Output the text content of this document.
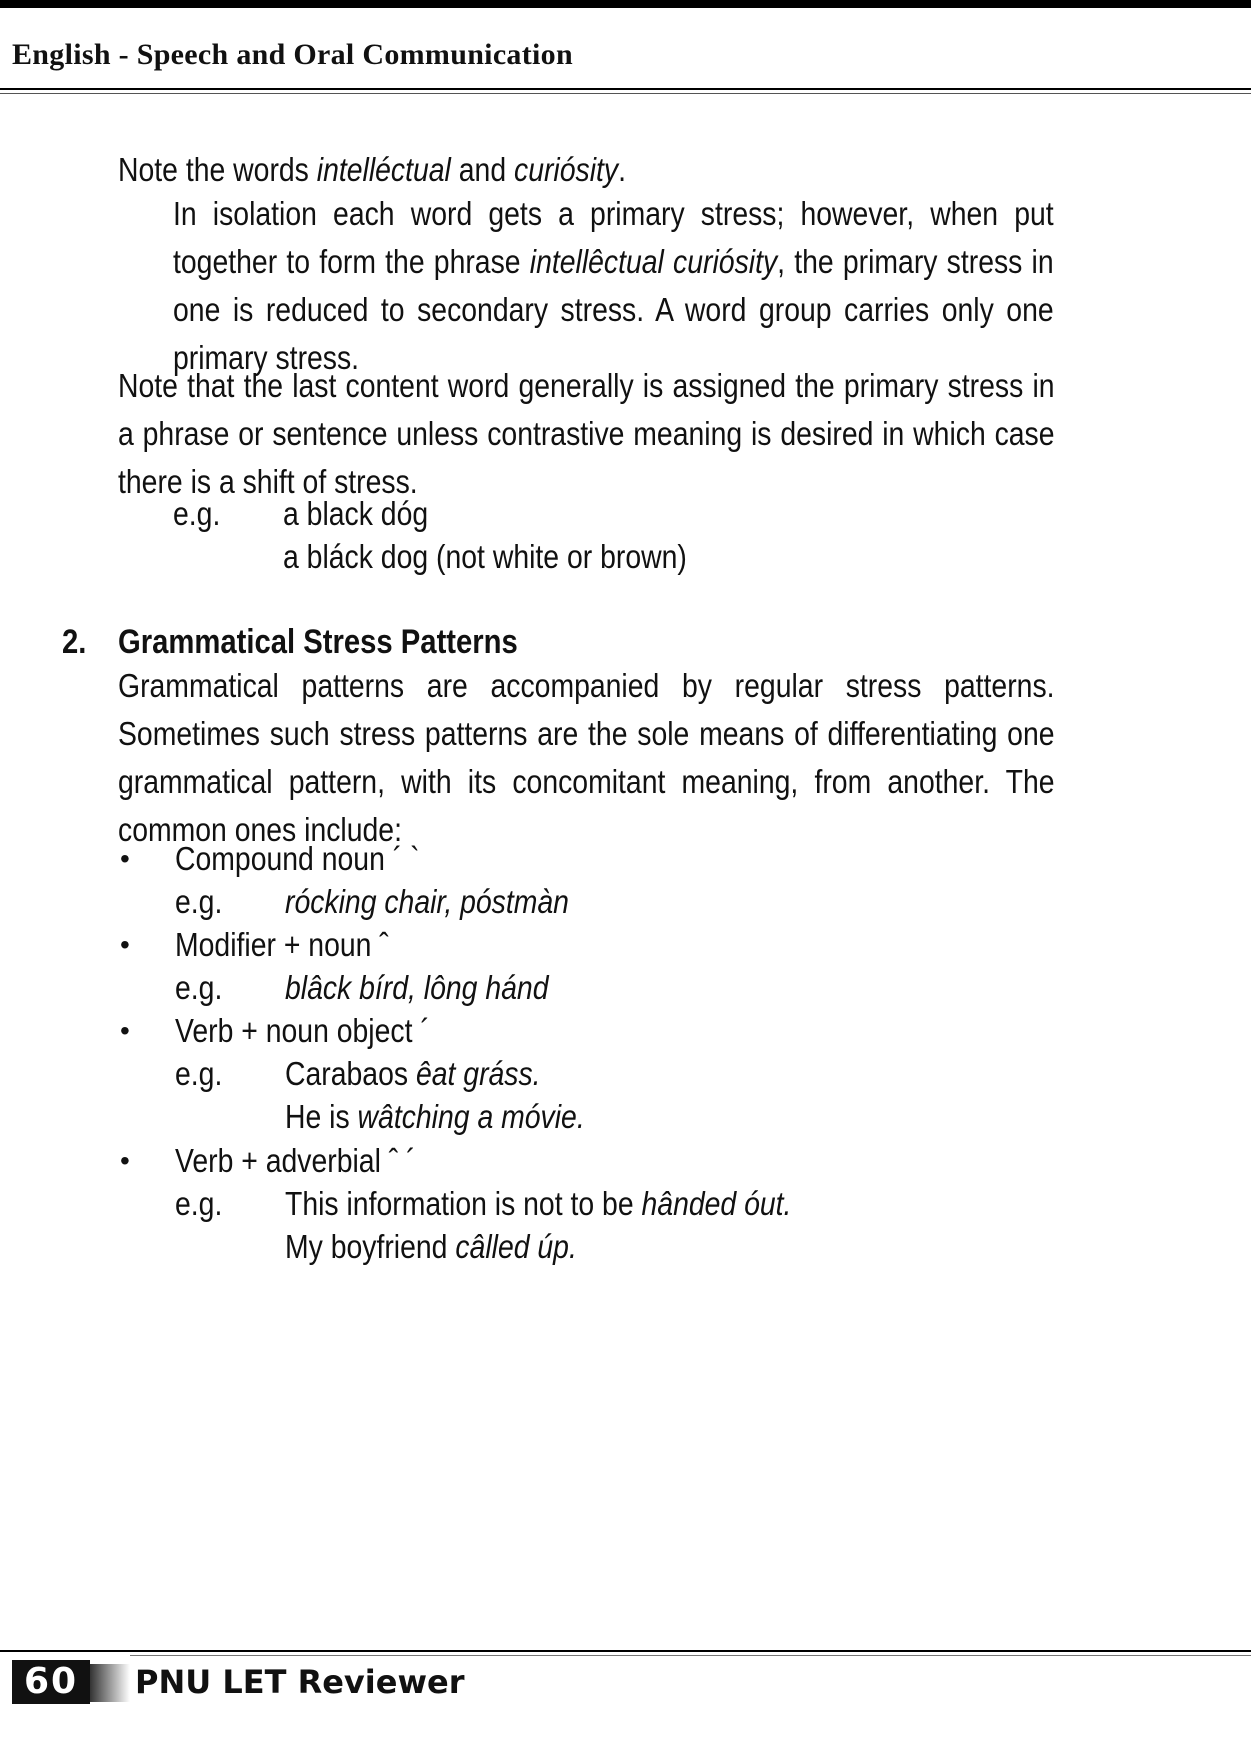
English - Speech and Oral Communication
Note the words intelléctual and curiósity.
In isolation each word gets a primary stress; however, when put together to form the phrase intellêctual curiósity, the primary stress in one is reduced to secondary stress. A word group carries only one primary stress.
Note that the last content word generally is assigned the primary stress in a phrase or sentence unless contrastive meaning is desired in which case there is a shift of stress.
e.g. a black dóg
a bláck dog (not white or brown)
2. Grammatical Stress Patterns
Grammatical patterns are accompanied by regular stress patterns. Sometimes such stress patterns are the sole means of differentiating one grammatical pattern, with its concomitant meaning, from another. The common ones include:
• Compound noun ´ `
e.g. rócking chair, póstmàn
• Modifier + noun ˆ
e.g. blâck bírd, lông hánd
• Verb + noun object ´
e.g. Carabaos êat gráss.
He is wâtching a móvie.
• Verb + adverbial ˆ ´
e.g. This information is not to be hânded óut.
My boyfriend câlled úp.
60	PNU LET Reviewer
